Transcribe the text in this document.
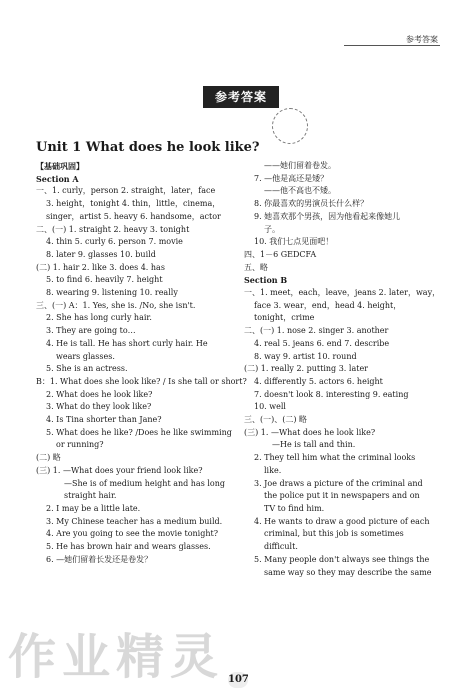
参考答案
参考答案
Unit 1 What does he look like?
【基础巩固】
Section A
一、1. curly，person 2. straight，later，face
3. height，tonight 4. thin，little，cinema，
singer，artist 5. heavy 6. handsome，actor
二、(一) 1. straight 2. heavy 3. tonight
4. thin 5. curly 6. person 7. movie
8. later 9. glasses 10. build
(二) 1. hair 2. like 3. does 4. has
5. to find 6. heavily 7. height
8. wearing 9. listening 10. really
三、(一) A：1. Yes, she is. /No, she isn't.
2. She has long curly hair.
3. They are going to…
4. He is tall. He has short curly hair. He
wears glasses.
5. She is an actress.
B：1. What does she look like? / Is she tall or short?
2. What does he look like?
3. What do they look like?
4. Is Tina shorter than Jane?
5. What does he like? /Does he like swimming
or running?
(二) 略
(三) 1. —What does your friend look like?
—She is of medium height and has long
straight hair.
2. I may be a little late.
3. My Chinese teacher has a medium build.
4. Are you going to see the movie tonight?
5. He has brown hair and wears glasses.
6. —她们留着长发还是卷发？
——她们留着卷发。
7. —他是高还是矮？
——他不高也不矮。
8. 你最喜欢的男演员长什么样？
9. 她喜欢那个男孩，因为他看起来像她儿
子。
10. 我们七点见面吧！
四、1－6 GEDCFA
五、略
Section B
一、1. meet，each，leave，jeans 2. later，way，
face 3. wear，end，head 4. height，
tonight，crime
二、(一) 1. nose 2. singer 3. another
4. real 5. jeans 6. end 7. describe
8. way 9. artist 10. round
(二) 1. really 2. putting 3. later
4. differently 5. actors 6. height
7. doesn't look 8. interesting 9. eating
10. well
三、(一)、(二) 略
(三) 1. —What does he look like?
—He is tall and thin.
2. They tell him what the criminal looks
like.
3. Joe draws a picture of the criminal and
the police put it in newspapers and on
TV to find him.
4. He wants to draw a good picture of each
criminal, but this job is sometimes
difficult.
5. Many people don't always see things the
same way so they may describe the same
作业精灵 107
